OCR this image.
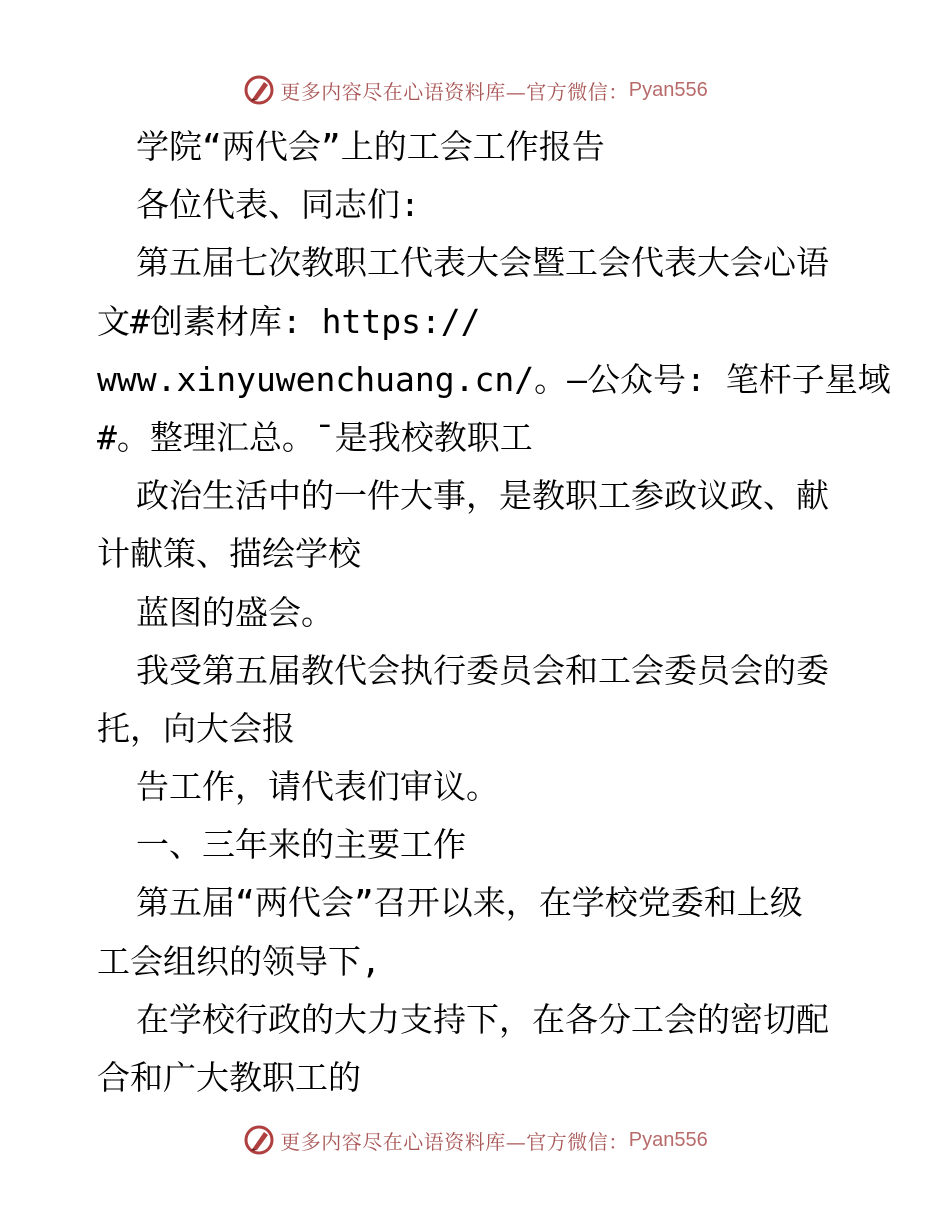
更多内容尽在心语资料库—官方微信： Pyan556
学院“两代会”上的工会工作报告
各位代表、同志们:
第五届七次教职工代表大会暨工会代表大会心语
文#创素材库: https://
www.xinyuwenchuang.cn/。—公众号: 笔杆子星域
#。整理汇总。¯是我校教职工
政治生活中的一件大事，是教职工参政议政、献
计献策、描绘学校
蓝图的盛会。
我受第五届教代会执行委员会和工会委员会的委
托，向大会报
告工作，请代表们审议。
一、三年来的主要工作
第五届“两代会”召开以来，在学校党委和上级
工会组织的领导下,
在学校行政的大力支持下，在各分工会的密切配
合和广大教职工的
更多内容尽在心语资料库—官方微信： Pyan556
